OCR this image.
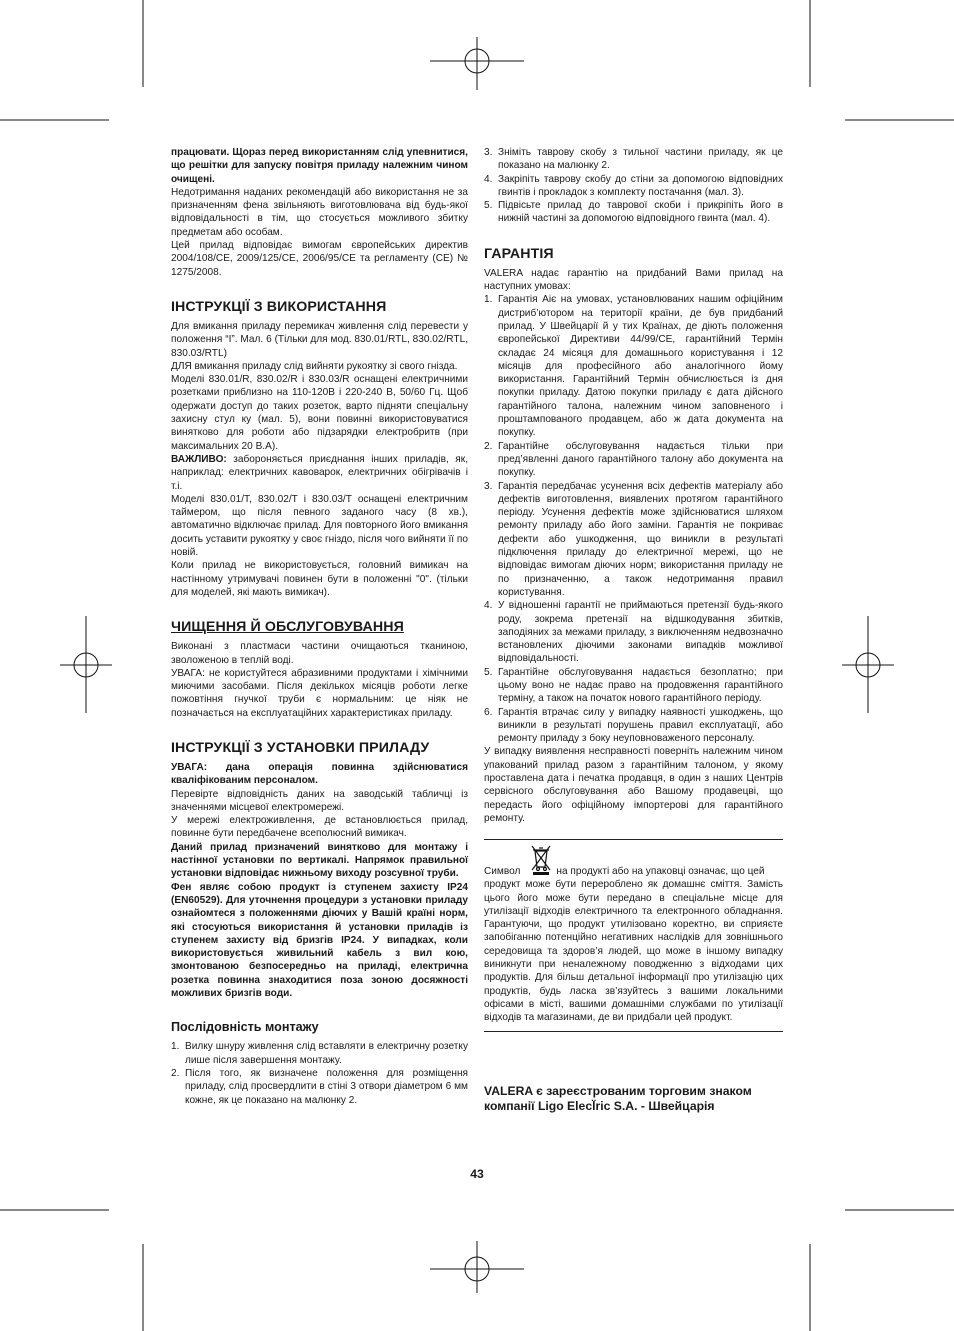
працювати. Щораз перед використанням слід упевнитися, що решітки для запуску повітря приладу належним чином очищені.

Недотримання наданих рекомендацій або використання не за призначенням фена звільняють виготовлювача від будь-якої відповідальності в тім, що стосується можливого збитку предметам або особам.

Цей прилад відповідає вимогам європейських директив 2004/108/CE, 2009/125/CE, 2006/95/CE та регламенту (CE) № 1275/2008.

ІНСТРУКЦІЇ З ВИКОРИСТАННЯ

Для вмикання приладу перемикач живлення слід перевести у положення “I”. Мал. 6 (Тільки для мод. 830.01/RTL, 830.02/RTL, 830.03/RTL)

ДЛЯ вмикання приладу слід вийняти рукоятку зі свого гнізда.

Моделі 830.01/R, 830.02/R і 830.03/R оснащені електричними розетками приблизно на 110-120В і 220-240 В, 50/60 Гц. Щоб одержати доступ до таких розеток, варто підняти спеціальну захисну стул ку (мал. 5), вони повинні використовуватися винятково для роботи або підзарядки електробритв (при максимальних 20 В.А).

ВАЖЛИВО: забороняється приєднання інших приладів, як, наприклад: електричних кавоварок, електричних обігрівачів і т.і.

Моделі 830.01/T, 830.02/T і 830.03/T оснащені електричним таймером, що після певного заданого часу (8 хв.), автоматично відключає прилад. Для повторного його вмикання досить уставити рукоятку у своє гніздо, після чого вийняти її по новій.

Коли прилад не використовується, головний вимикач на настінному утримувачі повинен бути в положенні "0". (тільки для моделей, які мають вимикач).

ЧИЩЕННЯ Й ОБСЛУГОВУВАННЯ

Виконані з пластмаси частини очищаються тканиною, зволоженою в теплій воді.

УВАГА: не користуйтеся абразивними продуктами і хімічними миючими засобами. Після декількох місяців роботи легке пожовтіння гнучкої труби є нормальним: це ніяк не позначається на експлуатаційних характеристиках приладу.

ІНСТРУКЦІЇ З УСТАНОВКИ ПРИЛАДУ

УВАГА: дана операція повинна здійснюватися кваліфікованим персоналом.

Перевірте відповідність даних на заводській табличці із значеннями місцевої електромережі.

У мережі електроживлення, де встановлюється прилад, повинне бути передбачене всеполюсний вимикач.

Даний прилад призначений винятково для монтажу і настінної установки по вертикалі. Напрямок правильної установки відповідає нижньому виходу розсувної труби.

Фен являє собою продукт із ступенем захисту IP24 (EN60529). Для уточнення процедури з установки приладу ознайомтеся з положеннями діючих у Вашій країні норм, які стосуються використання й установки приладів із ступенем захисту від бризгів IP24. У випадках, коли використовується живильний кабель з вил кою, змонтованою безпосередньо на приладі, електрична розетка повинна знаходитися поза зоною досяжності можливих бризгів води.

Послідовність монтажу
1. Вилку шнуру живлення слід вставляти в електричну розетку лише після завершення монтажу.
2. Після того, як визначене положення для розміщення приладу, слід просвердлити в стіні 3 отвори діаметром 6 мм кожне, як це показано на малюнку 2.
3. Зніміть таврову скобу з тильної частини приладу, як це показано на малюнку 2.
4. Закріпіть таврову скобу до стіни за допомогою відповідних гвинтів і прокладок з комплекту постачання (мал. 3).
5. Підвісьте прилад до таврової скоби і прикріпіть його в нижній частині за допомогою відповідного гвинта (мал. 4).
ГАРАНТІЯ

VALERA надає гарантію на придбаний Вами прилад на наступних умовах:

1. Гарантія Aіє на умовах, установлюваних нашим офіційним дистриб’ютором на території країни, де був придбаний прилад. У Швейцарії й у тих Країнах, де діють положення європейської Директиви 44/99/CE, гарантійний Термін складає 24 місяця для домашнього користування і 12 місяців для професійного або аналогічного йому використання. Гарантійний Термін обчислюється із дня покупки приладу. Датою покупки приладу є дата дійсного гарантійного талона, належним чином заповненого і проштампованого продавцем, або ж дата документа на покупку.
2. Гарантійне обслуговування надається тільки при пред’явленні даного гарантійного талону або документа на покупку.
3. Гарантія передбачає усунення всіх дефектів матеріалу або дефектів виготовлення, виявлених протягом гарантійного періоду. Усунення дефектів може здійснюватися шляхом ремонту приладу або його заміни. Гарантія не покриває дефекти або ушкодження, що виникли в результаті підключення приладу до електричної мережі, що не відповідає вимогам діючих норм; використання приладу не по призначенню, а також недотримання правил користування.
4. У відношенні гарантії не приймаються претензії будь-якого роду, зокрема претензії на відшкодування збитків, заподіяних за межами приладу, з виключенням недвозначно встановлених діючими законами випадків можливої відповідальності.
5. Гарантійне обслуговування надається безоплатно; при цьому воно не надає право на продовження гарантійного терміну, а також на початок нового гарантійного періоду.
6. Гарантія втрачає силу у випадку наявності ушкоджень, що виникли в результаті порушень правил експлуатації, або ремонту приладу з боку неуповноваженого персоналу.

У випадку виявлення несправності поверніть належним чином упакований прилад разом з гарантійним талоном, у якому проставлена дата і печатка продавця, в один з наших Центрів сервісного обслуговування або Вашому продавецві, що передасть його офіційному імпортерові для гарантійного ремонту.

Символ	на продукті або на упаковці означає, що цей

продукт може бути перероблено як домашнє сміття. Замість цього його може бути передано в спеціальне місце для утилізації відходів електричного та електронного обладнання. Гарантуючи, що продукт утилізовано коректно, ви сприяєте запобіганню потенційно негативних наслідків для зовнішнього середовища та здоров’я людей, що може в іншому випадку виникнути при неналежному поводженню з відходами цих продуктів. Для більш детальної інформації про утилізацію цих продуктів, будь ласка зв’язуйтесь з вашими локальними офісами в місті, вашими домашніми службами по утилізації відходів та магазинами, де ви придбали цей продукт.

VALERA є зареєстрованим торговим знаком
компанії Ligo Elecl̈ric S.A. - Швейцарія
43
